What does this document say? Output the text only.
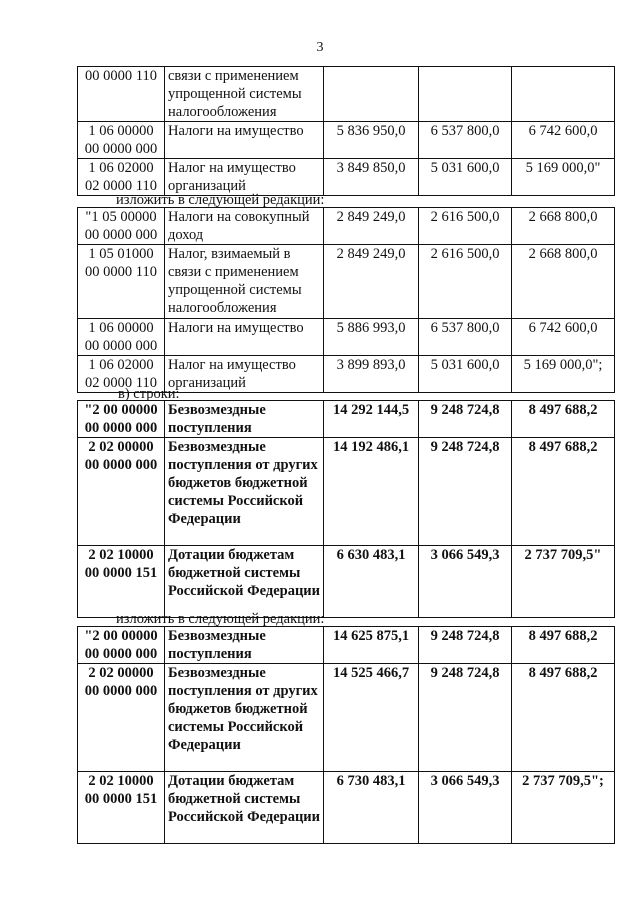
3
00 0000 110	связи с применением упрощенной системы налогообложения			
1 06 00000 00 0000 000	Налоги на имущество	5 836 950,0	6 537 800,0	6 742 600,0
1 06 02000 02 0000 110	Налог на имущество организаций	3 849 850,0	5 031 600,0	5 169 000,0"
изложить в следующей редакции:
"1 05 00000 00 0000 000	Налоги на совокупный доход	2 849 249,0	2 616 500,0	2 668 800,0
1 05 01000 00 0000 110	Налог, взимаемый в связи с применением упрощенной системы налогообложения	2 849 249,0	2 616 500,0	2 668 800,0
1 06 00000 00 0000 000	Налоги на имущество	5 886 993,0	6 537 800,0	6 742 600,0
1 06 02000 02 0000 110	Налог на имущество организаций	3 899 893,0	5 031 600,0	5 169 000,0";
в) строки:
"2 00 00000 00 0000 000	Безвозмездные поступления	14 292 144,5	9 248 724,8	8 497 688,2
2 02 00000 00 0000 000	Безвозмездные поступления от других бюджетов бюджетной системы Российской Федерации	14 192 486,1	9 248 724,8	8 497 688,2
2 02 10000 00 0000 151	Дотации бюджетам бюджетной системы Российской Федерации	6 630 483,1	3 066 549,3	2 737 709,5"
изложить в следующей редакции:
"2 00 00000 00 0000 000	Безвозмездные поступления	14 625 875,1	9 248 724,8	8 497 688,2
2 02 00000 00 0000 000	Безвозмездные поступления от других бюджетов бюджетной системы Российской Федерации	14 525 466,7	9 248 724,8	8 497 688,2
2 02 10000 00 0000 151	Дотации бюджетам бюджетной системы Российской Федерации	6 730 483,1	3 066 549,3	2 737 709,5";
